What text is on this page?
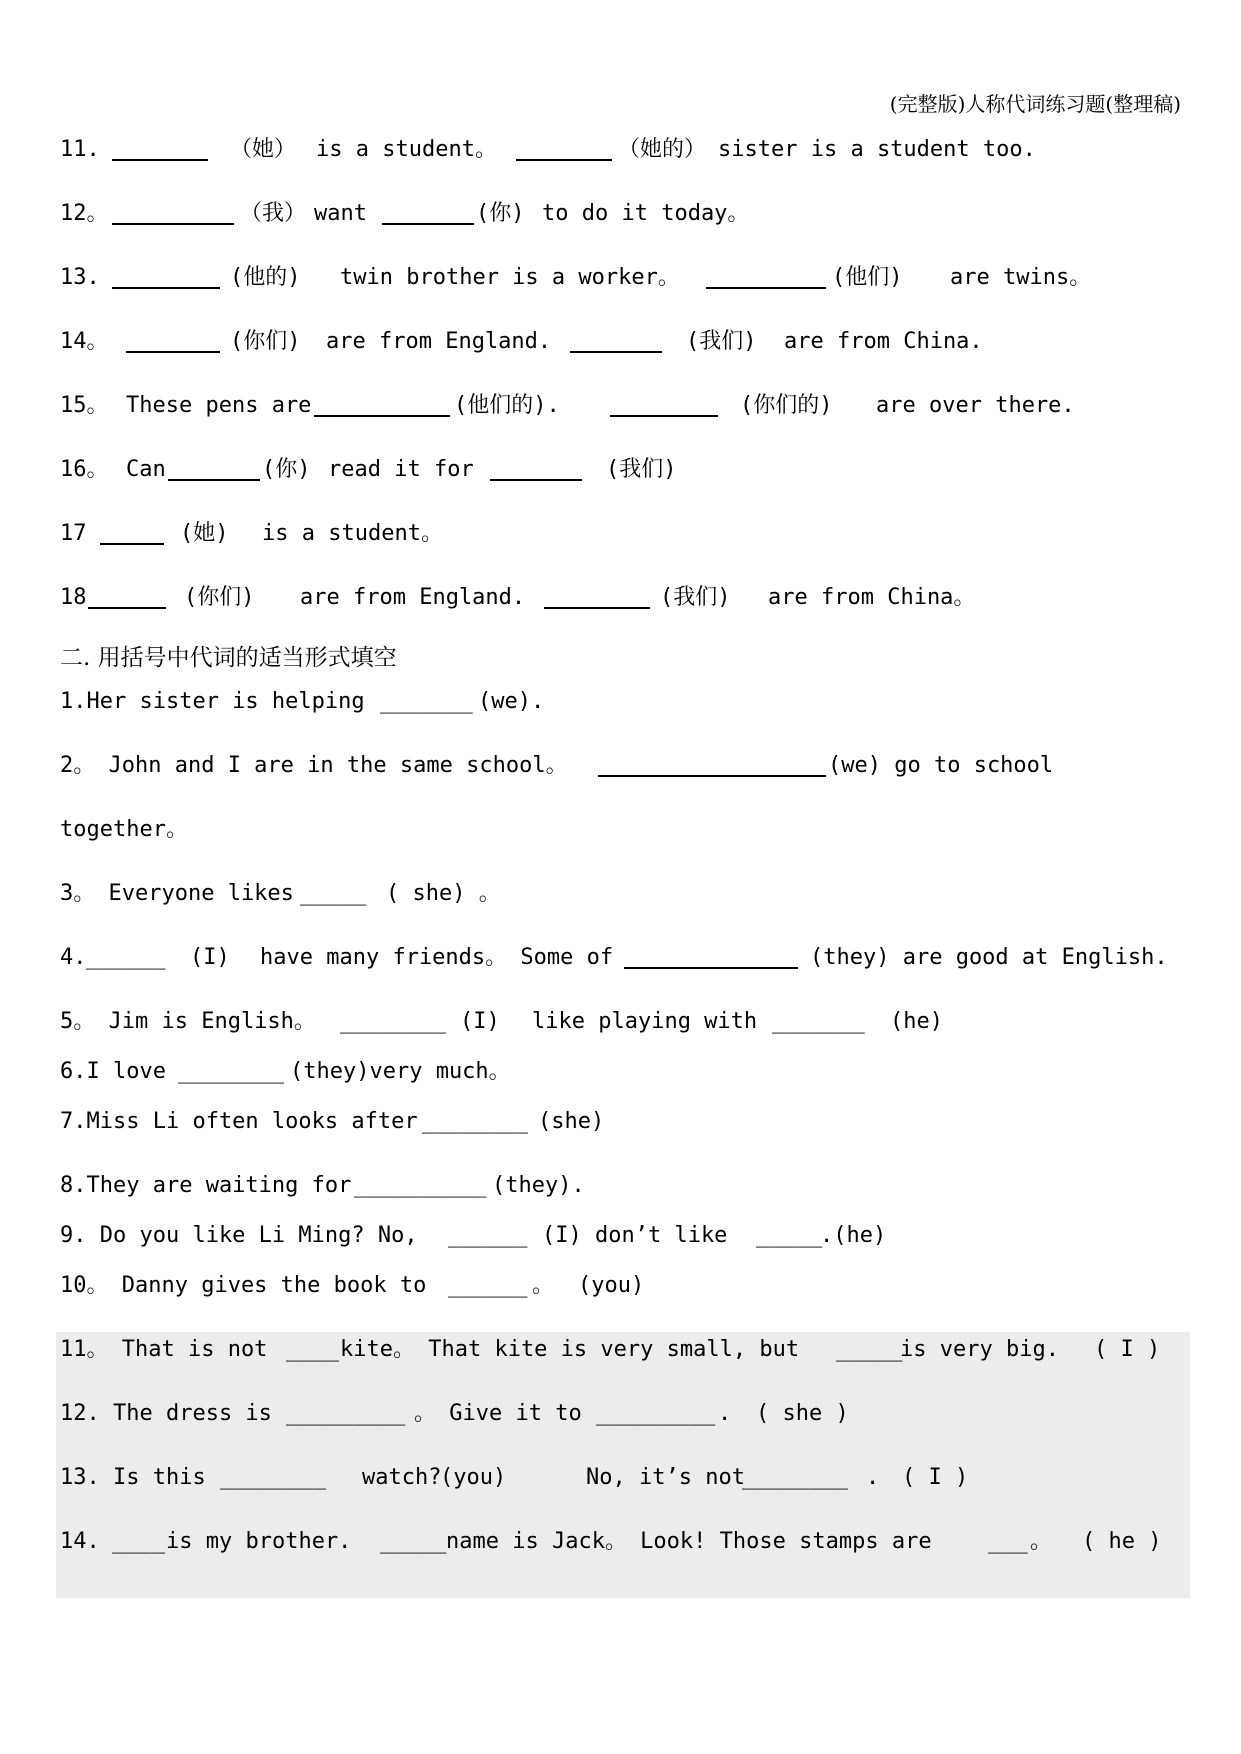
(完整版)人称代词练习题(整理稿)
11.	（她） is a student。	（她的） sister is a student too.
12。	（我） want	(你) to do it today。
13.	(他的) twin brother is a worker。	(他们) are twins。
14。	(你们) are from England.	(我们) are from China.
15。 These pens are	(他们的).	(你们的) are over there.
16。 Can	(你) read it for	(我们)
17	(她) is a student。
18	(你们) are from England.	(我们) are from China。
二. 用括号中代词的适当形式填空
1.Her sister is helping _______ (we).
2。 John and I are in the same school。	(we) go to school
together。
3。 Everyone likes _____ ( she) 。
4. ______ (I) have many friends。 Some of	(they) are good at English.
5。 Jim is English。 ________ (I) like playing with _______ (he)
6.I love ________ (they)very much。
7.Miss Li often looks after ________ (she)
8.They are waiting for __________ (they).
9. Do you like Li Ming? No, ______ (I) don’t like _____
.(he)
10。 Danny gives the book to ______ 。 (you)
11。 That is not ____ kite。 That kite is very small, but _____
is very big. ( I )
12. The dress is _________ 。 Give it to _________ . ( she )
13. Is this ________ watch?
(you)	No, it’s not
________ . ( I )
14. ____ is my brother. _____ name is Jack。 Look! Those stamps are	___ 。 ( he )
